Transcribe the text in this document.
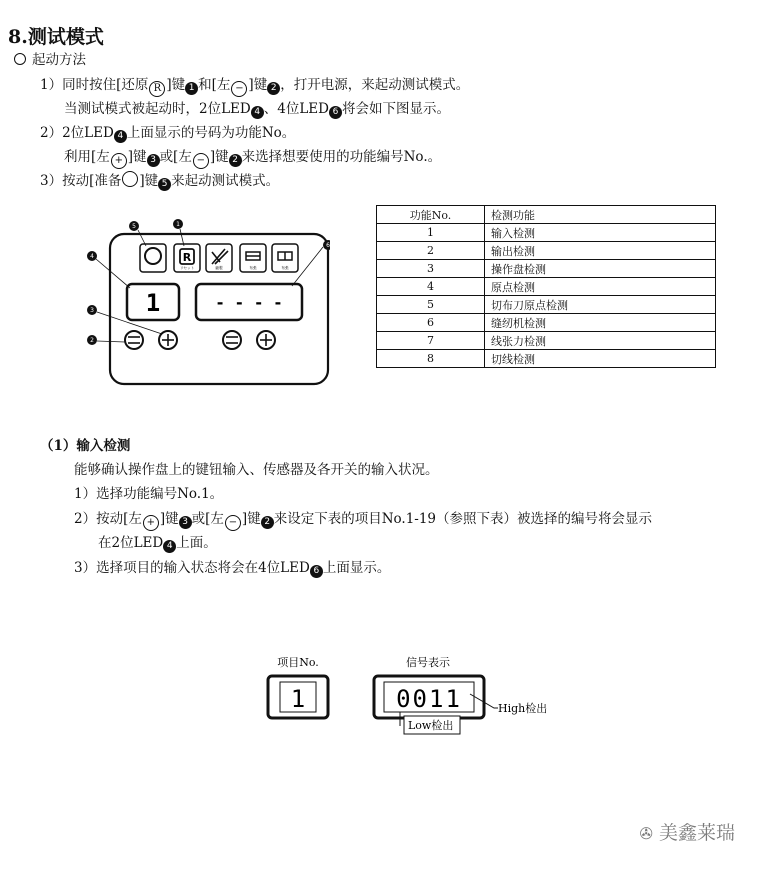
8.测试模式
起动方法
1）同时按住[还原 R ]键 1 和[左 − ]键 2 ，打开电源，来起动测试模式。
当测试模式被起动时，2位LED 4 、4位LED 6 将会如下图显示。
2）2位LED 4 上面显示的号码为功能No。
利用[左 + ]键 3 或[左 − ]键 2 来选择想要使用的功能编号No.。
3）按动[准备 ]键 5 来起动测试模式。
R
リセット	縫製	布張	布張
1	- - - -
5	1
6
4
3
2
功能No.	检测功能
1	输入检测
2	输出检测
3	操作盘检测
4	原点检测
5	切布刀原点检测
6	缝纫机检测
7	线张力检测
8	切线检测
（1）输入检测
能够确认操作盘上的键钮输入、传感器及各开关的输入状况。
1）选择功能编号No.1。
2）按动[左 + ]键 3 或[左 − ]键 2 来设定下表的项目No.1-19（参照下表）被选择的编号将会显示
在2位LED 4 上面。
3）选择项目的输入状态将会在4位LED 6 上面显示。
项目No.	信号表示
1	0011	High检出
Low检出
✇ 美鑫莱瑞
